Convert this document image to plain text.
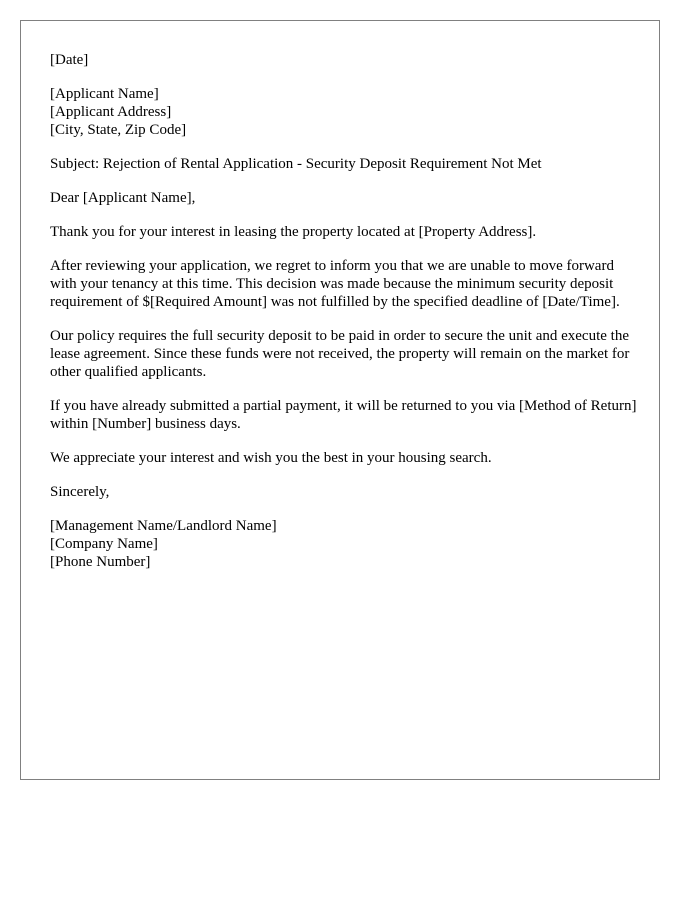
[Date]
[Applicant Name]
[Applicant Address]
[City, State, Zip Code]
Subject: Rejection of Rental Application - Security Deposit Requirement Not Met
Dear [Applicant Name],

Thank you for your interest in leasing the property located at [Property Address].

After reviewing your application, we regret to inform you that we are unable to move forward with your tenancy at this time. This decision was made because the minimum security deposit requirement of $[Required Amount] was not fulfilled by the specified deadline of [Date/Time].

Our policy requires the full security deposit to be paid in order to secure the unit and execute the lease agreement. Since these funds were not received, the property will remain on the market for other qualified applicants.

If you have already submitted a partial payment, it will be returned to you via [Method of Return] within [Number] business days.

We appreciate your interest and wish you the best in your housing search.

Sincerely,
[Management Name/Landlord Name]
[Company Name]
[Phone Number]
